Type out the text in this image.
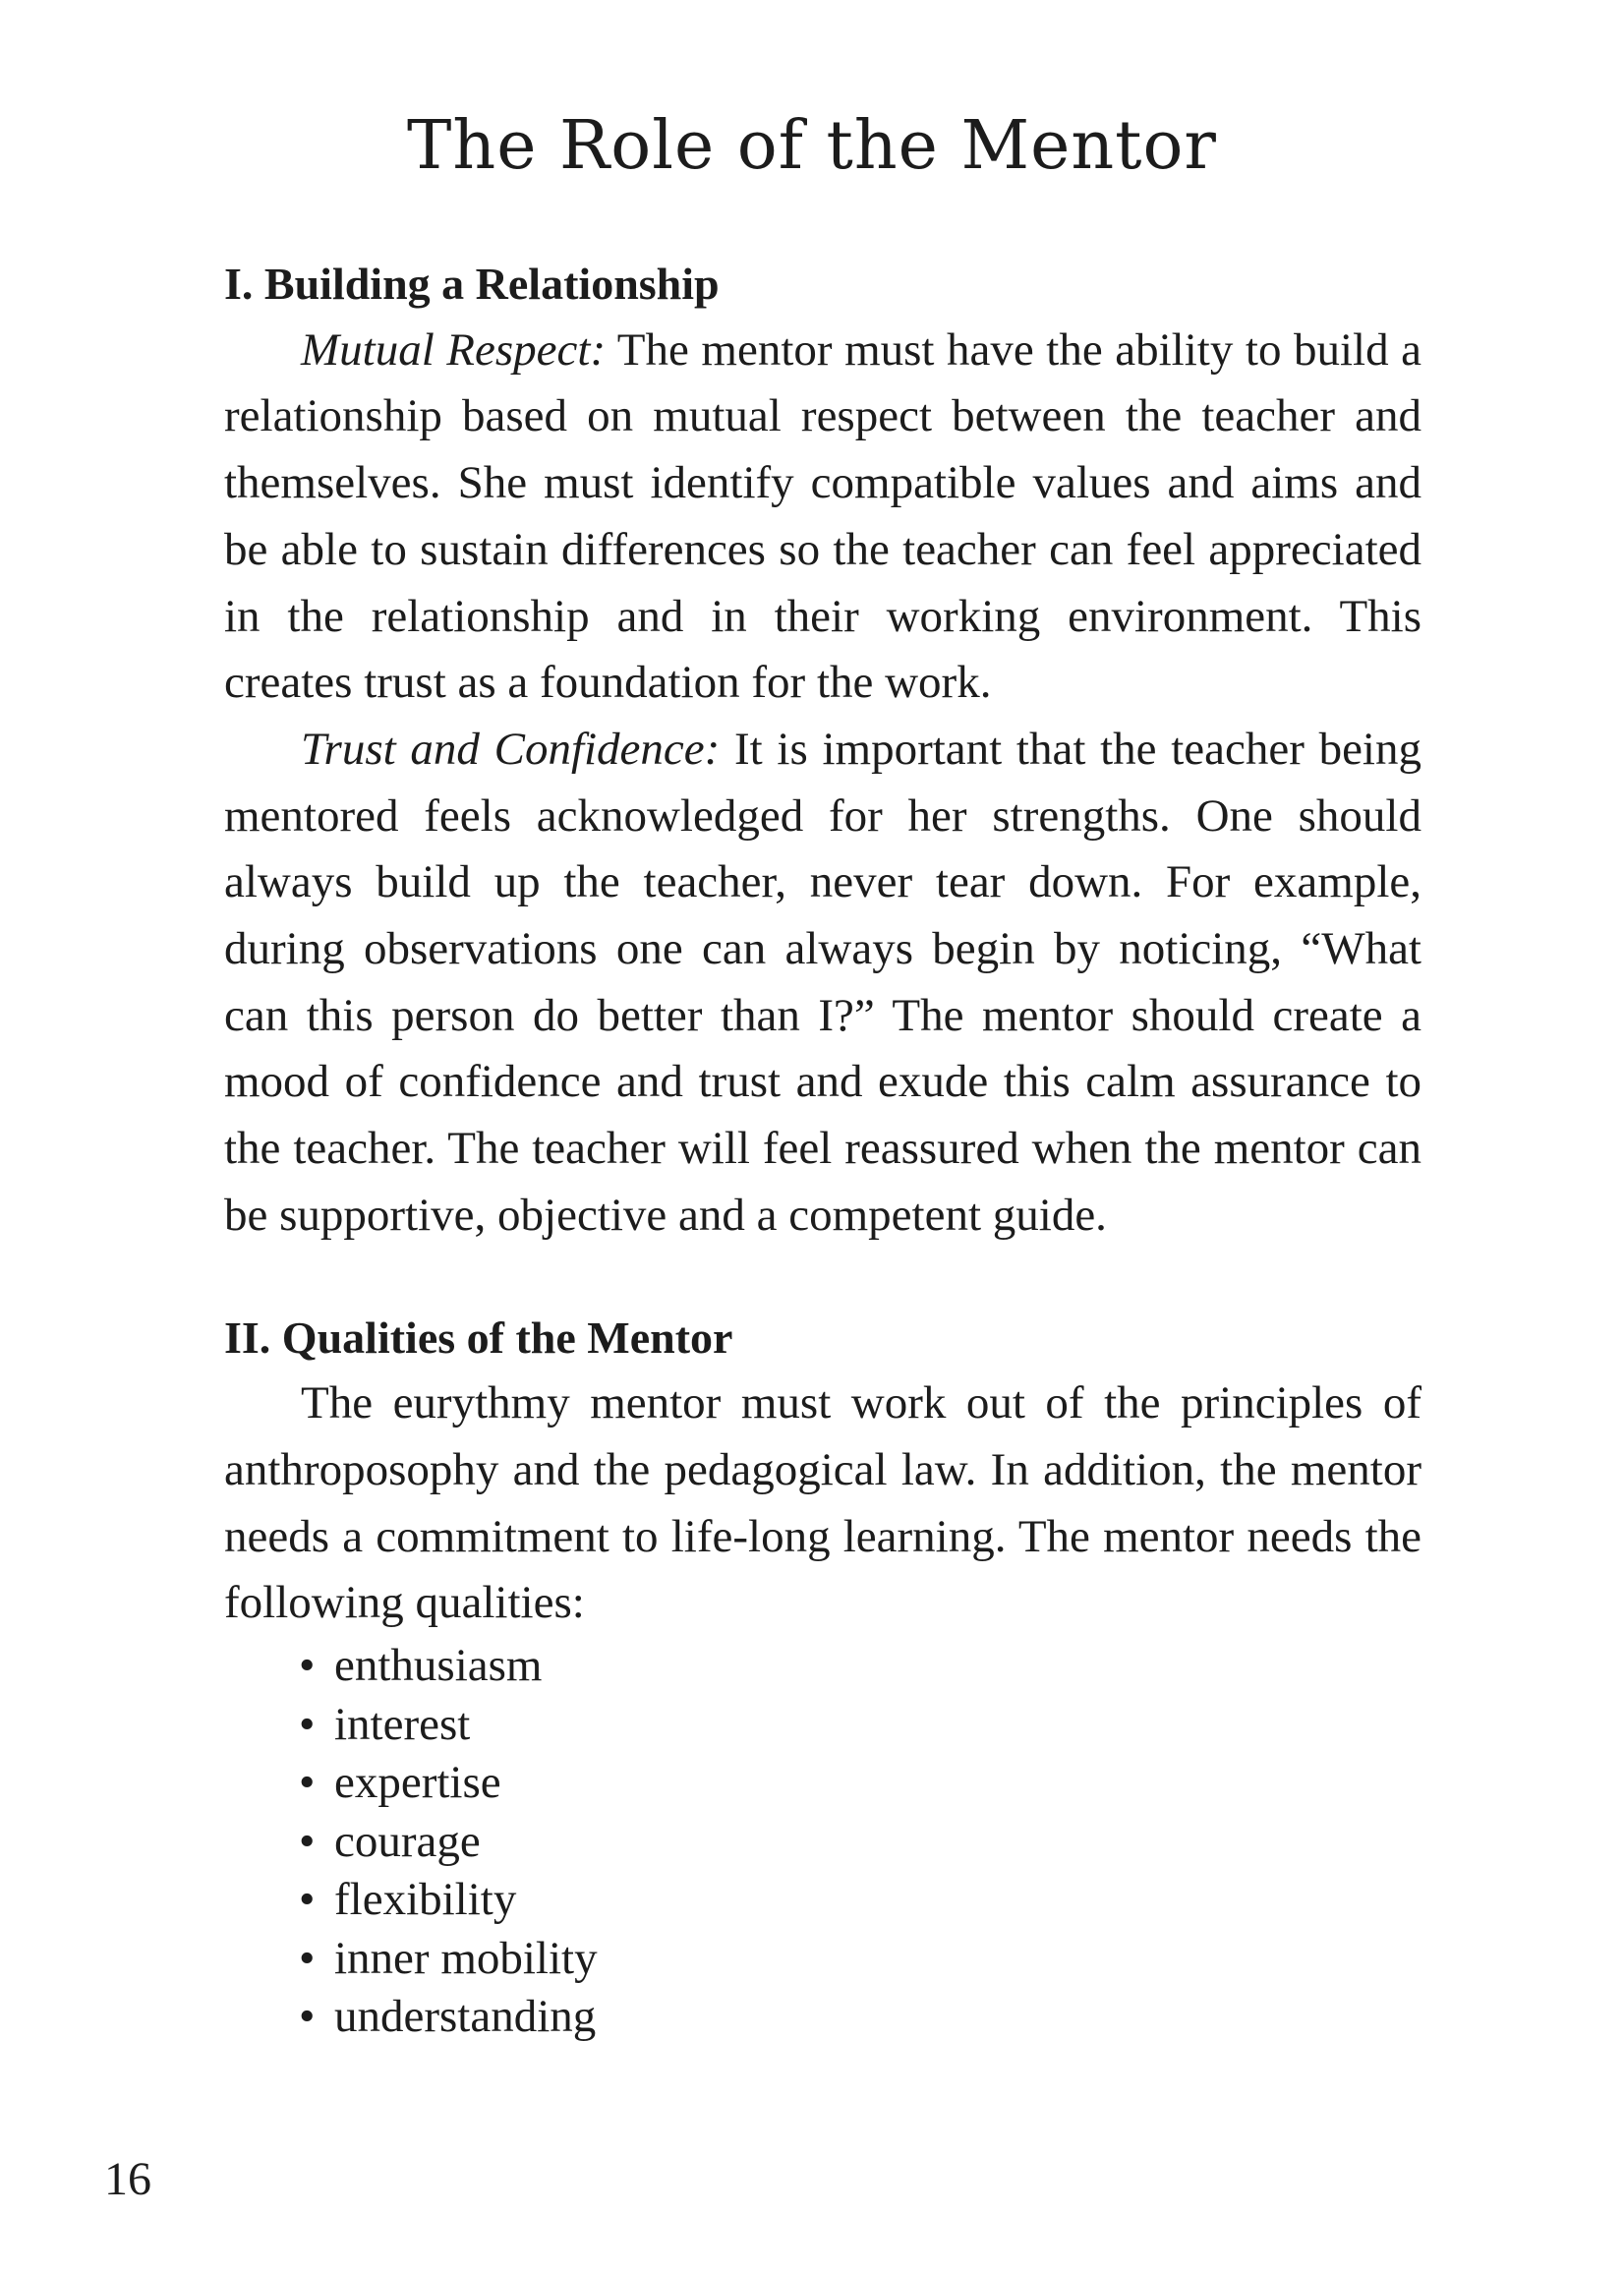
The Role of the Mentor
I. Building a Relationship

Mutual Respect: The mentor must have the ability to build a relationship based on mutual respect between the teacher and themselves. She must identify compatible values and aims and be able to sustain differences so the teacher can feel appreciated in the relationship and in their working environment. This creates trust as a foundation for the work.

Trust and Confidence: It is important that the teacher being mentored feels acknowledged for her strengths. One should always build up the teacher, never tear down. For example, during observations one can always begin by noticing, “What can this person do better than I?” The mentor should create a mood of confidence and trust and exude this calm assurance to the teacher. The teacher will feel reassured when the mentor can be supportive, objective and a competent guide.

II. Qualities of the Mentor

The eurythmy mentor must work out of the principles of anthroposophy and the pedagogical law. In addition, the mentor needs a commitment to life-long learning. The mentor needs the following qualities:

• enthusiasm
• interest
• expertise
• courage
• flexibility
• inner mobility
• understanding
16
